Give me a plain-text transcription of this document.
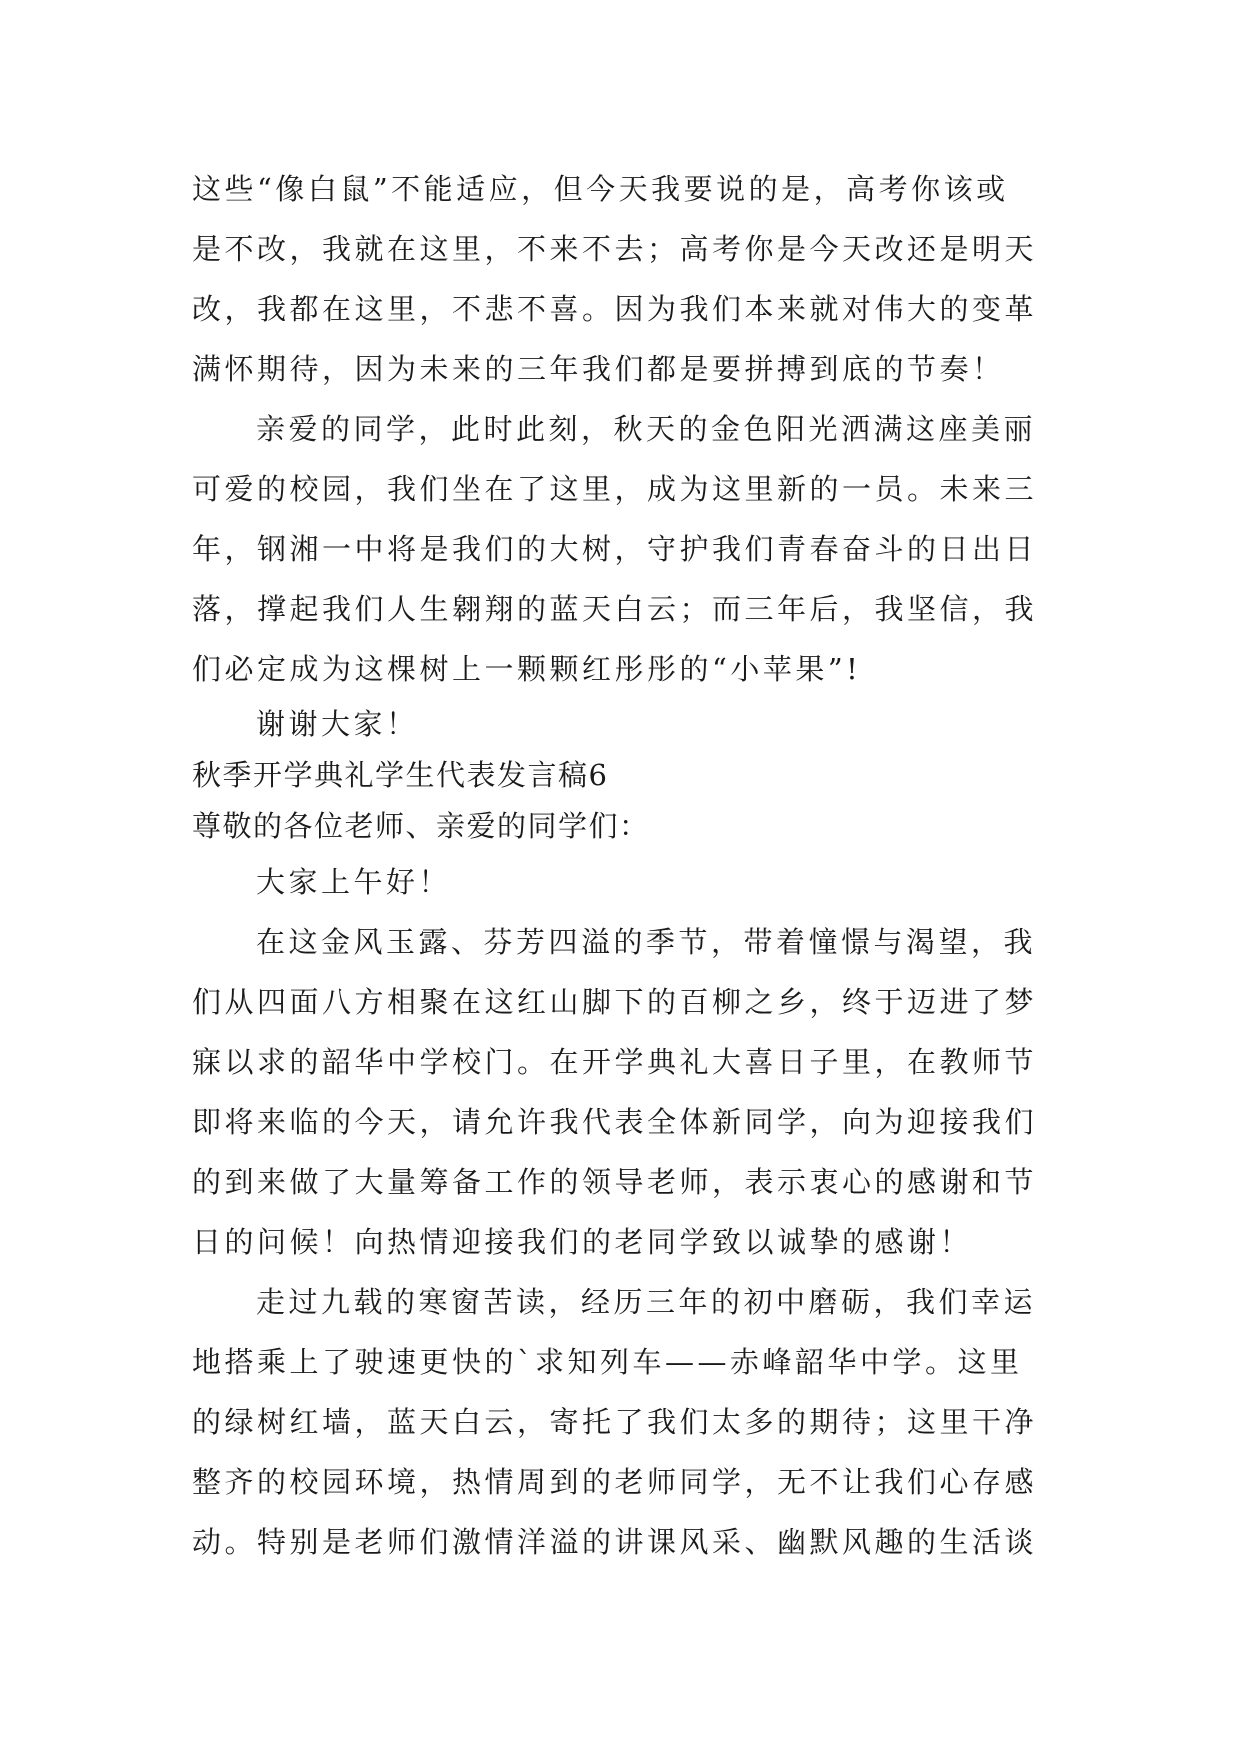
这些“像白鼠”不能适应，但今天我要说的是，高考你该或
是不改，我就在这里，不来不去；高考你是今天改还是明天
改，我都在这里，不悲不喜。因为我们本来就对伟大的变革
满怀期待，因为未来的三年我们都是要拼搏到底的节奏！
亲爱的同学，此时此刻，秋天的金色阳光洒满这座美丽
可爱的校园，我们坐在了这里，成为这里新的一员。未来三
年，钢湘一中将是我们的大树，守护我们青春奋斗的日出日
落，撑起我们人生翱翔的蓝天白云；而三年后，我坚信，我
们必定成为这棵树上一颗颗红彤彤的“小苹果”!
谢谢大家！
秋季开学典礼学生代表发言稿6
尊敬的各位老师、亲爱的同学们：
大家上午好！
在这金风玉露、芬芳四溢的季节，带着憧憬与渴望，我
们从四面八方相聚在这红山脚下的百柳之乡，终于迈进了梦
寐以求的韶华中学校门。在开学典礼大喜日子里，在教师节
即将来临的今天，请允许我代表全体新同学，向为迎接我们
的到来做了大量筹备工作的领导老师，表示衷心的感谢和节
日的问候！向热情迎接我们的老同学致以诚挚的感谢！
走过九载的寒窗苦读，经历三年的初中磨砺，我们幸运
地搭乘上了驶速更快的`求知列车——赤峰韶华中学。这里
的绿树红墙，蓝天白云，寄托了我们太多的期待；这里干净
整齐的校园环境，热情周到的老师同学，无不让我们心存感
动。特别是老师们激情洋溢的讲课风采、幽默风趣的生活谈
